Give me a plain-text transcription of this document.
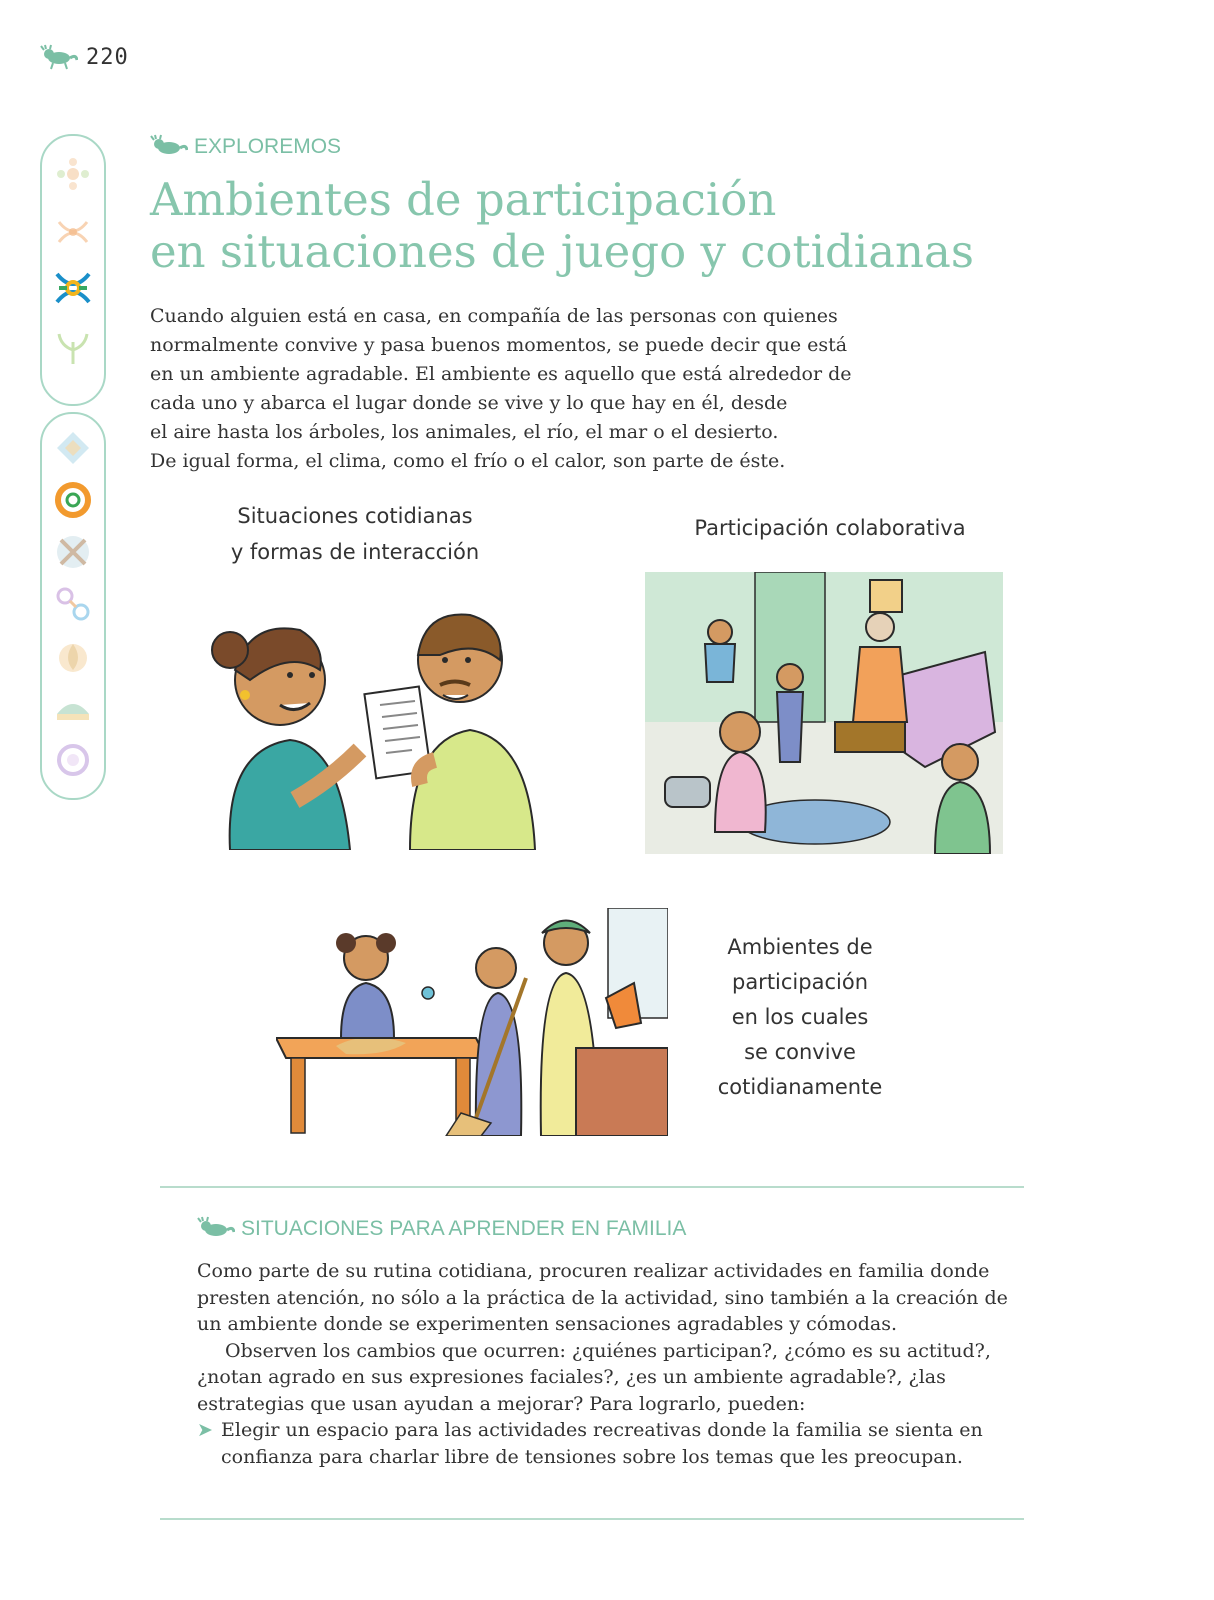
220
EXPLOREMOS
Ambientes de participación
en situaciones de juego y cotidianas
Cuando alguien está en casa, en compañía de las personas con quienes
normalmente convive y pasa buenos momentos, se puede decir que está
en un ambiente agradable. El ambiente es aquello que está alrededor de
cada uno y abarca el lugar donde se vive y lo que hay en él, desde
el aire hasta los árboles, los animales, el río, el mar o el desierto.
De igual forma, el clima, como el frío o el calor, son parte de éste.
Situaciones cotidianas
y formas de interacción
Participación colaborativa
Ambientes de
participación
en los cuales
se convive
cotidianamente
SITUACIONES PARA APRENDER EN FAMILIA

Como parte de su rutina cotidiana, procuren realizar actividades en familia donde presten atención, no sólo a la práctica de la actividad, sino también a la creación de un ambiente donde se experimenten sensaciones agradables y cómodas.

Observen los cambios que ocurren: ¿quiénes participan?, ¿cómo es su actitud?, ¿notan agrado en sus expresiones faciales?, ¿es un ambiente agradable?, ¿las estrategias que usan ayudan a mejorar? Para lograrlo, pueden:

➤ Elegir un espacio para las actividades recreativas donde la familia se sienta en confianza para charlar libre de tensiones sobre los temas que les preocupan.
